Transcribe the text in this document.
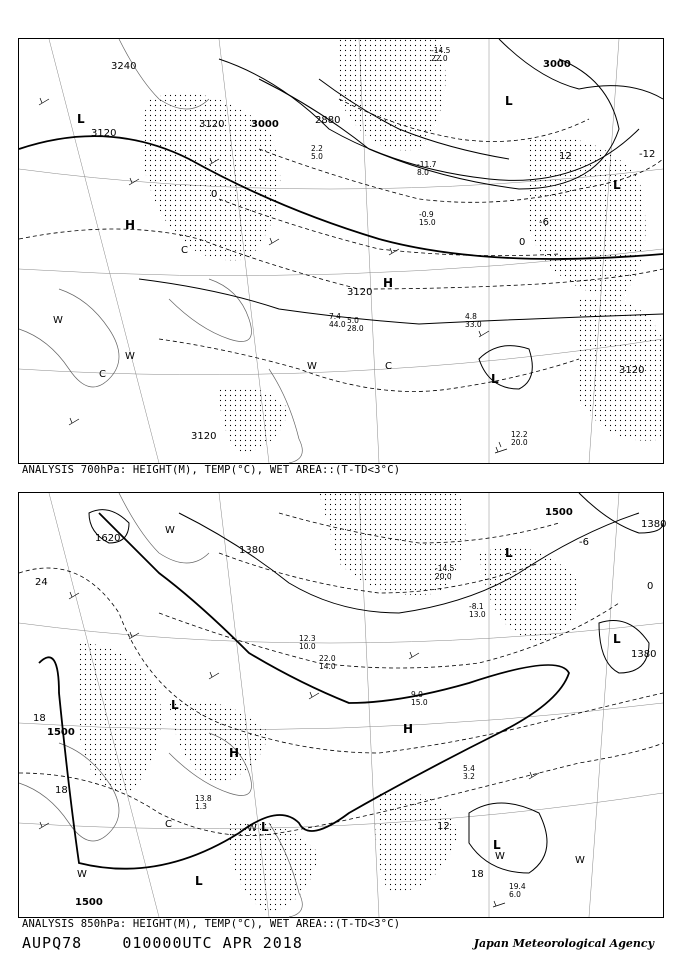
3240
3120
3120	3000	2880
3000
3120
3120
3120
0
-6
12	-12
0
L
H
L
L
H
L
W
W
C
C
W
C
4.8
33.0
12.2
20.0
5.0
28.0
7.4
44.0
-0.9
15.0
-14.5
22.0
-11.7
8.0
2.2
5.0
ANALYSIS 700hPa: HEIGHT(M), TEMP(°C), WET AREA::(T-TD<3°C)
1500
1380
1380
1500
1500
1380
1620
24
18
18
12
18
0
-6
L
H
L
L
L
L
H
L
W
W
W
C
W
W
19.4
6.0
13.8
1.3
5.4
3.2
9.0
15.0
-14.5
20.0
-8.1
13.0
12.3
10.0
22.0
14.0
ANALYSIS 850hPa: HEIGHT(M), TEMP(°C), WET AREA::(T-TD<3°C)
AUPQ78	010000UTC APR 2018	Japan Meteorological Agency
